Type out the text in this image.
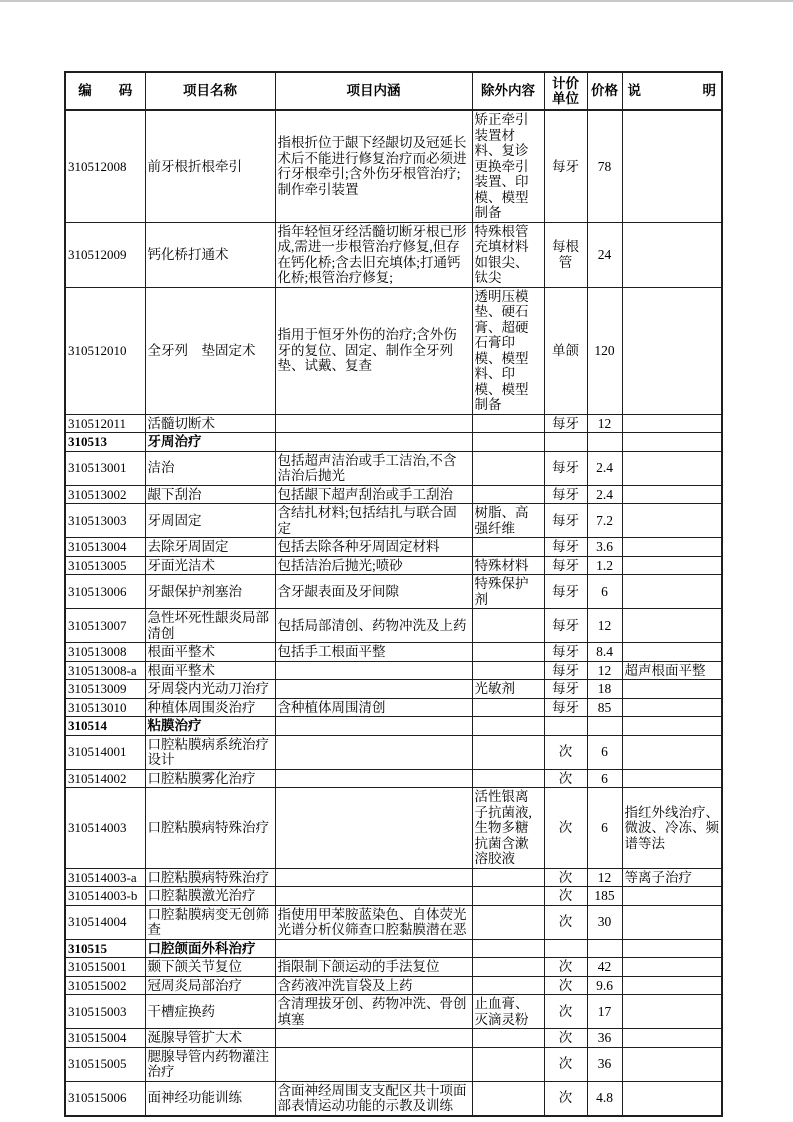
编　　码	项目名称	项目内涵	除外内容	计价单位	价格	说 明

310512008	前牙根折根牵引	指根折位于龈下经龈切及冠延长术后不能进行修复治疗而必须进行牙根牵引;含外伤牙根管治疗;制作牵引装置	矫正牵引装置材料、复诊更换牵引装置、印模、模型制备	每牙	78	
310512009	钙化桥打通术	指年轻恒牙经活髓切断牙根已形成,需进一步根管治疗修复,但存在钙化桥;含去旧充填体;打通钙化桥;根管治疗修复;	特殊根管充填材料如银尖、钛尖	每根管	24	
310512010	全牙列　垫固定术	指用于恒牙外伤的治疗;含外伤牙的复位、固定、制作全牙列垫、试戴、复查	透明压模垫、硬石膏、超硬石膏印模、模型料、印模、模型制备	单颌	120	
310512011	活髓切断术			每牙	12	
310513	牙周治疗					
310513001	洁治	包括超声洁治或手工洁治,不含洁治后抛光		每牙	2.4	
310513002	龈下刮治	包括龈下超声刮治或手工刮治		每牙	2.4	
310513003	牙周固定	含结扎材料;包括结扎与联合固定	树脂、高强纤维	每牙	7.2	
310513004	去除牙周固定	包括去除各种牙周固定材料		每牙	3.6	
310513005	牙面光洁术	包括洁治后抛光;喷砂	特殊材料	每牙	1.2	
310513006	牙龈保护剂塞治	含牙龈表面及牙间隙	特殊保护剂	每牙	6	
310513007	急性坏死性龈炎局部清创	包括局部清创、药物冲洗及上药		每牙	12	
310513008	根面平整术	包括手工根面平整		每牙	8.4	
310513008-a	根面平整术			每牙	12	超声根面平整
310513009	牙周袋内光动刀治疗		光敏剂	每牙	18	
310513010	种植体周围炎治疗	含种植体周围清创		每牙	85	
310514	粘膜治疗					
310514001	口腔粘膜病系统治疗设计			次	6	
310514002	口腔粘膜雾化治疗			次	6	
310514003	口腔粘膜病特殊治疗		活性银离子抗菌液,生物多糖抗菌含漱溶胶液	次	6	指红外线治疗、微波、冷冻、频谱等法
310514003-a	口腔粘膜病特殊治疗			次	12	等离子治疗
310514003-b	口腔黏膜激光治疗			次	185	
310514004	口腔黏膜病变无创筛查	指使用甲苯胺蓝染色、自体荧光光谱分析仪筛查口腔黏膜潜在恶		次	30	
310515	口腔颌面外科治疗					
310515001	颞下颌关节复位	指限制下颌运动的手法复位		次	42	
310515002	冠周炎局部治疗	含药液冲洗盲袋及上药		次	9.6	
310515003	干槽症换药	含清理拔牙创、药物冲洗、骨创填塞	止血膏、灭滴灵粉	次	17	
310515004	涎腺导管扩大术			次	36	
310515005	腮腺导管内药物灌注治疗			次	36	
310515006	面神经功能训练	含面神经周围支支配区共十项面部表情运动功能的示教及训练		次	4.8	
